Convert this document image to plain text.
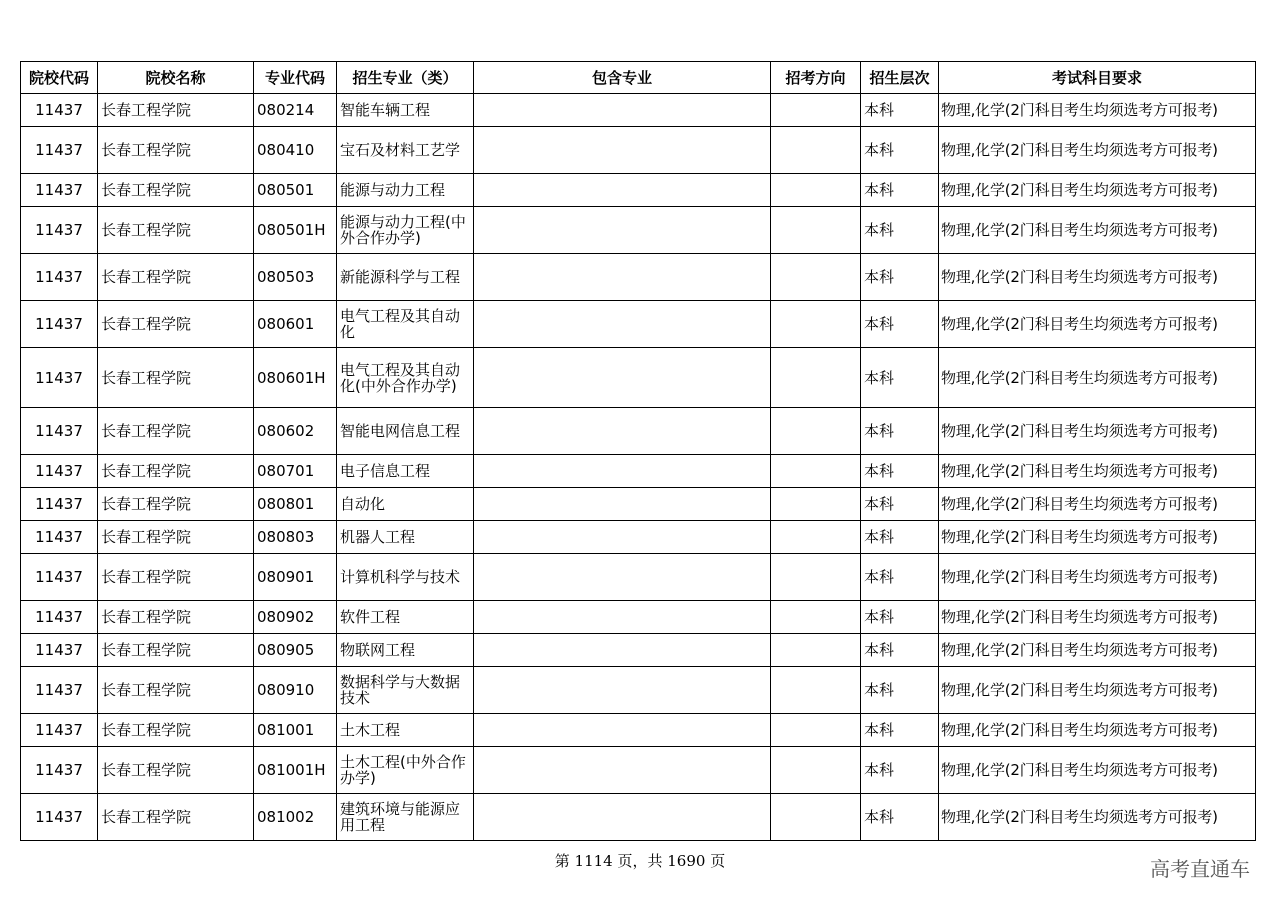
院校代码	院校名称	专业代码	招生专业（类）	包含专业	招考方向	招生层次	考试科目要求
11437	长春工程学院	080214	智能车辆工程			本科	物理,化学(2门科目考生均须选考方可报考)
11437	长春工程学院	080410	宝石及材料工艺学			本科	物理,化学(2门科目考生均须选考方可报考)
11437	长春工程学院	080501	能源与动力工程			本科	物理,化学(2门科目考生均须选考方可报考)
11437	长春工程学院	080501H	能源与动力工程(中外合作办学)			本科	物理,化学(2门科目考生均须选考方可报考)
11437	长春工程学院	080503	新能源科学与工程			本科	物理,化学(2门科目考生均须选考方可报考)
11437	长春工程学院	080601	电气工程及其自动化			本科	物理,化学(2门科目考生均须选考方可报考)
11437	长春工程学院	080601H	电气工程及其自动化(中外合作办学)			本科	物理,化学(2门科目考生均须选考方可报考)
11437	长春工程学院	080602	智能电网信息工程			本科	物理,化学(2门科目考生均须选考方可报考)
11437	长春工程学院	080701	电子信息工程			本科	物理,化学(2门科目考生均须选考方可报考)
11437	长春工程学院	080801	自动化			本科	物理,化学(2门科目考生均须选考方可报考)
11437	长春工程学院	080803	机器人工程			本科	物理,化学(2门科目考生均须选考方可报考)
11437	长春工程学院	080901	计算机科学与技术			本科	物理,化学(2门科目考生均须选考方可报考)
11437	长春工程学院	080902	软件工程			本科	物理,化学(2门科目考生均须选考方可报考)
11437	长春工程学院	080905	物联网工程			本科	物理,化学(2门科目考生均须选考方可报考)
11437	长春工程学院	080910	数据科学与大数据技术			本科	物理,化学(2门科目考生均须选考方可报考)
11437	长春工程学院	081001	土木工程			本科	物理,化学(2门科目考生均须选考方可报考)
11437	长春工程学院	081001H	土木工程(中外合作办学)			本科	物理,化学(2门科目考生均须选考方可报考)
11437	长春工程学院	081002	建筑环境与能源应用工程			本科	物理,化学(2门科目考生均须选考方可报考)
第 1114 页，共 1690 页	高考直通车
